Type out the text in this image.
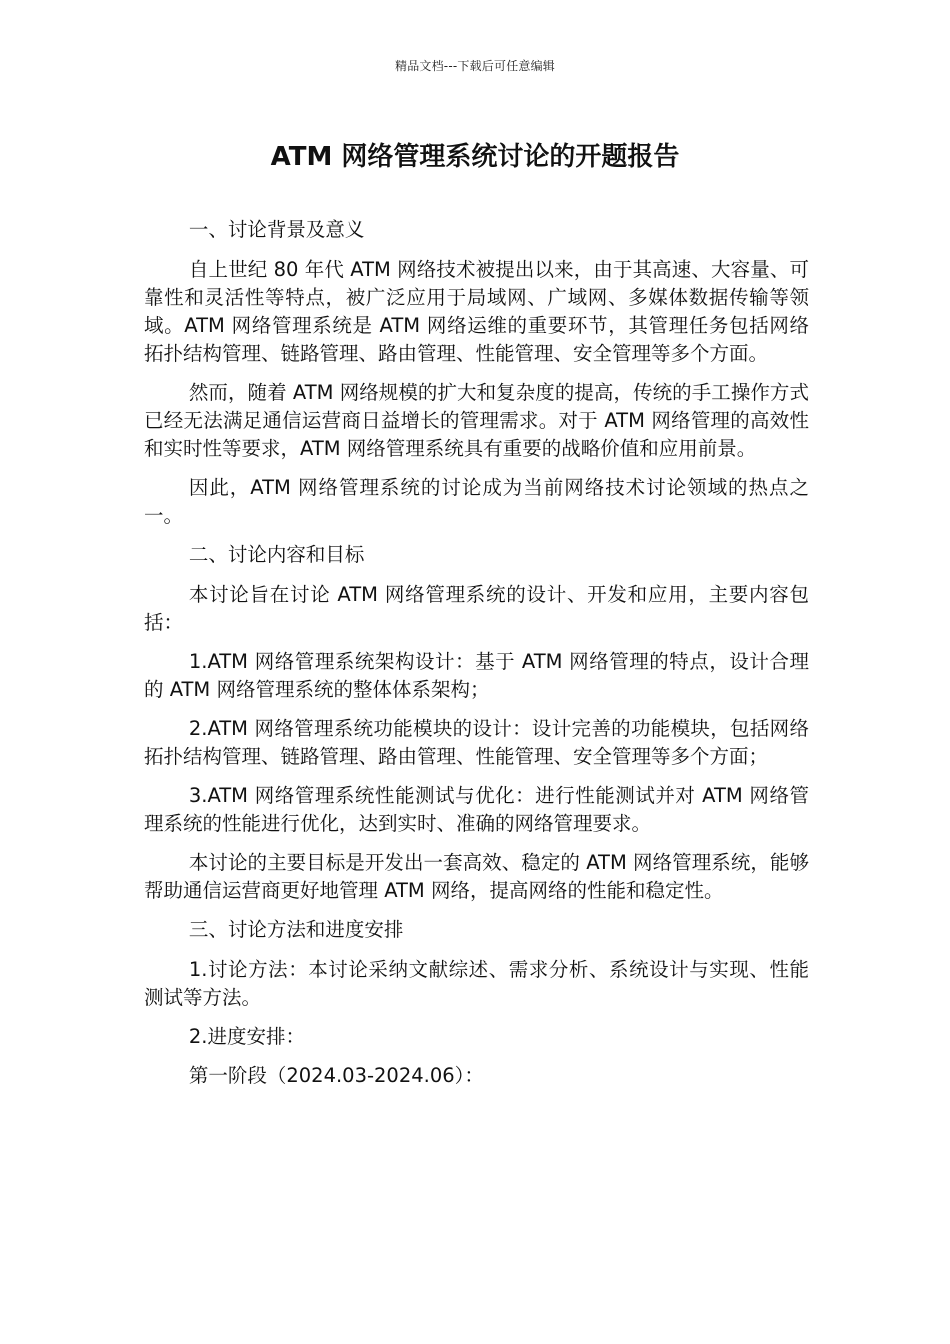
精品文档---下载后可任意编辑
ATM 网络管理系统讨论的开题报告

一、讨论背景及意义

自上世纪 80 年代 ATM 网络技术被提出以来，由于其高速、大容量、可靠性和灵活性等特点，被广泛应用于局域网、广域网、多媒体数据传输等领域。ATM 网络管理系统是 ATM 网络运维的重要环节，其管理任务包括网络拓扑结构管理、链路管理、路由管理、性能管理、安全管理等多个方面。

然而，随着 ATM 网络规模的扩大和复杂度的提高，传统的手工操作方式已经无法满足通信运营商日益增长的管理需求。对于 ATM 网络管理的高效性和实时性等要求，ATM 网络管理系统具有重要的战略价值和应用前景。

因此，ATM 网络管理系统的讨论成为当前网络技术讨论领域的热点之一。

二、讨论内容和目标

本讨论旨在讨论 ATM 网络管理系统的设计、开发和应用，主要内容包括：

1.ATM 网络管理系统架构设计：基于 ATM 网络管理的特点，设计合理的 ATM 网络管理系统的整体体系架构；

2.ATM 网络管理系统功能模块的设计：设计完善的功能模块，包括网络拓扑结构管理、链路管理、路由管理、性能管理、安全管理等多个方面；

3.ATM 网络管理系统性能测试与优化：进行性能测试并对 ATM 网络管理系统的性能进行优化，达到实时、准确的网络管理要求。

本讨论的主要目标是开发出一套高效、稳定的 ATM 网络管理系统，能够帮助通信运营商更好地管理 ATM 网络，提高网络的性能和稳定性。

三、讨论方法和进度安排

1.讨论方法：本讨论采纳文献综述、需求分析、系统设计与实现、性能测试等方法。

2.进度安排：

第一阶段（2024.03-2024.06）：
